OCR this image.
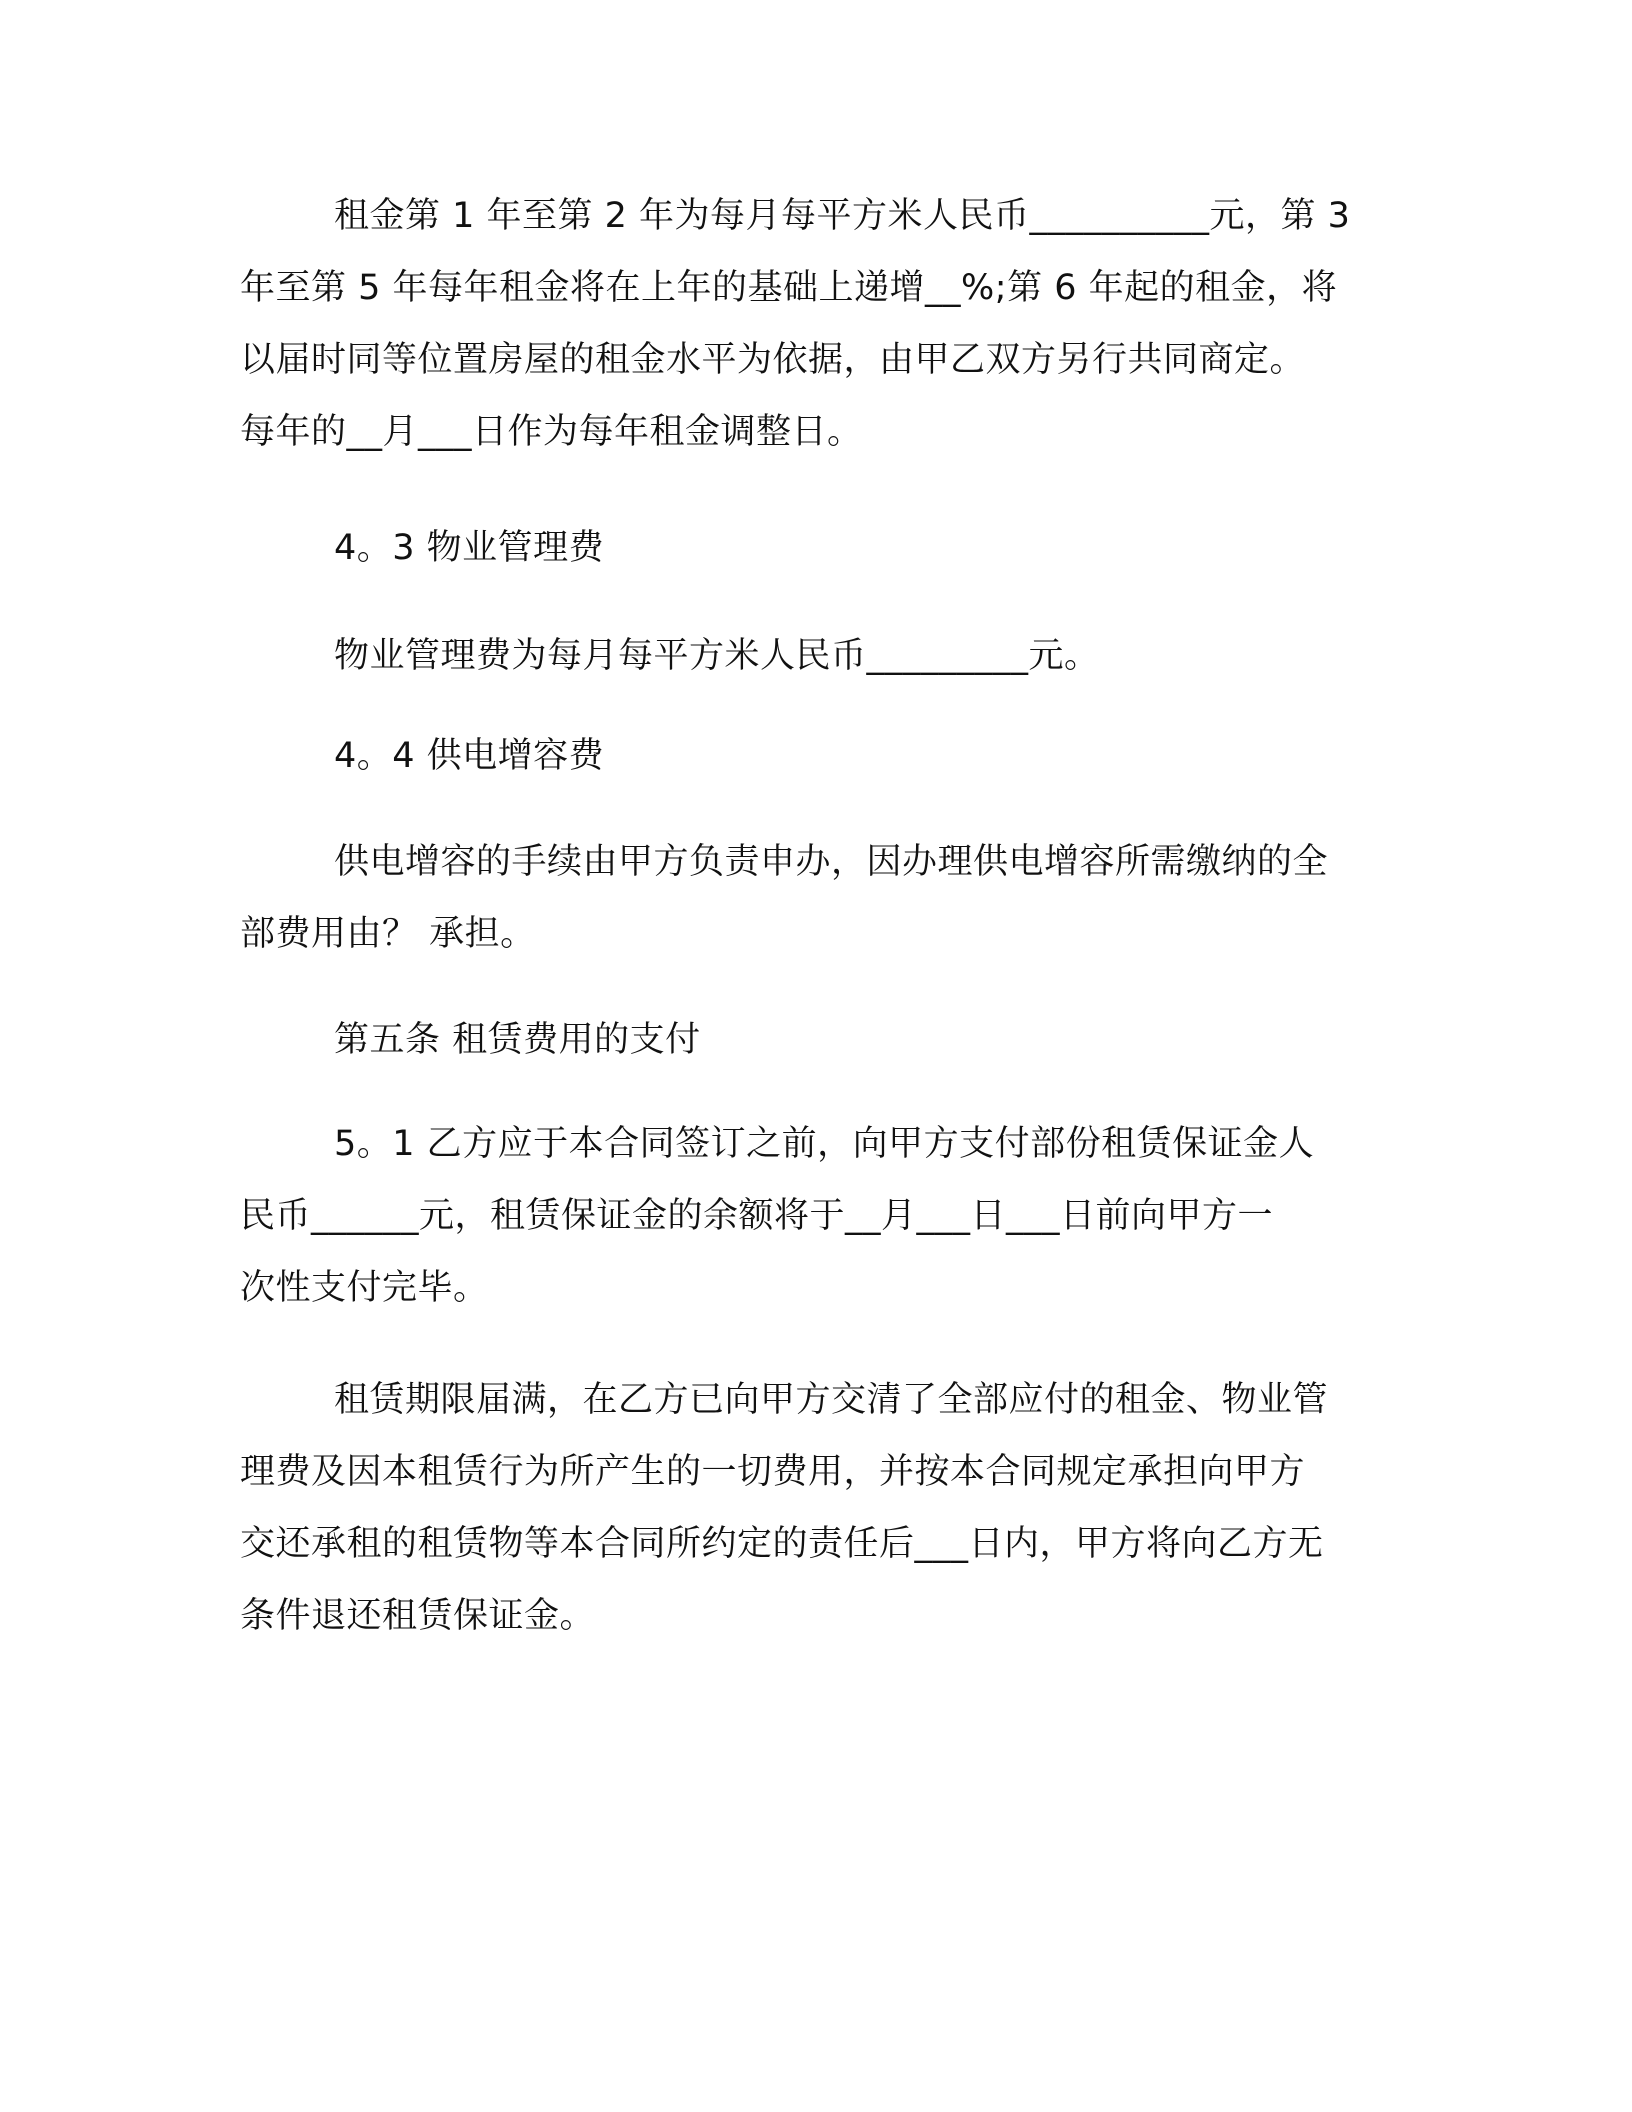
租金第 1 年至第 2 年为每月每平方米人民币__________元，第 3
年至第 5 年每年租金将在上年的基础上递增__%;第 6 年起的租金，将
以届时同等位置房屋的租金水平为依据，由甲乙双方另行共同商定。
每年的__月___日作为每年租金调整日。
4。3 物业管理费
物业管理费为每月每平方米人民币_________元。
4。4 供电增容费
供电增容的手续由甲方负责申办，因办理供电增容所需缴纳的全
部费用由？ 承担。
第五条 租赁费用的支付
5。1 乙方应于本合同签订之前，向甲方支付部份租赁保证金人
民币______元，租赁保证金的余额将于__月___日___日前向甲方一
次性支付完毕。
租赁期限届满，在乙方已向甲方交清了全部应付的租金、物业管
理费及因本租赁行为所产生的一切费用，并按本合同规定承担向甲方
交还承租的租赁物等本合同所约定的责任后___日内，甲方将向乙方无
条件退还租赁保证金。
